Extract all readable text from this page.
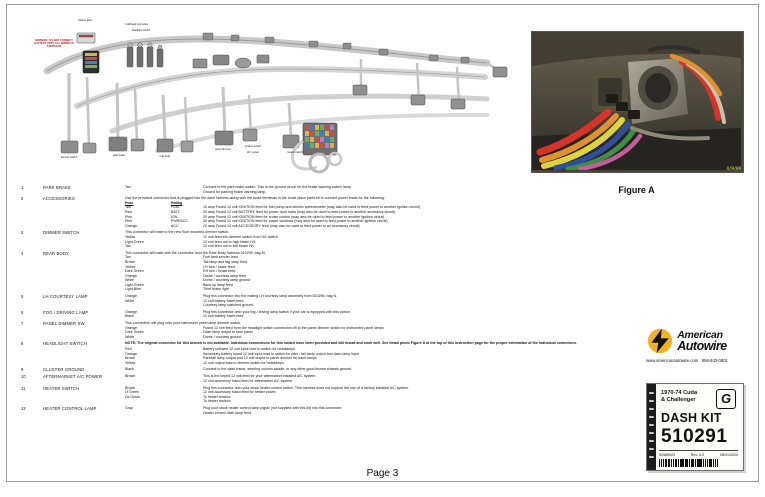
WARNING: DO NOT CONNECT BATTERY UNTIL ALL WIRING IS COMPLETE
bulkhead connector
battery feed
headlight switch
dimmer switch
park brake	rear body
panel dimmer
ignition switch
A/C power	heater switch
4/9/09
Figure A
1	PARK BRAKE	Tan	Connect to the park brake switch. This is the ground circuit for the brake warning switch lamp.
Ground for parking brake warning lamp.
2	ACCESSORIES	Use the provided connector that is plugged into the dash harness along with the loose terminals in the loose piece parts kit to connect power leads for the following:
Fuse	Rating
Tan	FUEL	10 amp Fused 12 volt IGNITION feed for fuel pump and electric speedometer (may also be used to feed power to another ignition circuit)
Red	BATT	20 amp Fused 12 volt BATTERY feed for power door locks (may also be used to feed power to another accessory circuit)
Pink	IGN	20 amp Fused 12 volt IGNITION feed for cruise control (may also be used to feed power to another ignition circuit)
Pink	PWR/ACC	30 amp Fused 12 volt IGNITION feed for power windows (may also be used to feed power to another ignition circuit)
Orange	ACC	20 amp Fused 12 volt ACCESSORY feed (may also be used to feed power to an accessory circuit)
3	DIMMER SWITCH	This connector will mate to the new floor mounted dimmer switch.
Yellow	12 volt feed into dimmer switch from H/L switch
Light Green	12 volt feed out to high beam H/L
Tan	12 volt feed out to low beam H/L
4	REAR BODY	This connector will mate with the connector from the Rear Body harness 510295, bag M.
Tan	Fuel tank sender lead
Brown	Tail lamp and tag lamp feed
Yellow	LH turn / brake feed
Dark Green	RH turn / brake feed
Orange	Dome / courtesy lamp feed
White	Dome / courtesy lamp ground
Light Green	Back up lamp feed
Light Blue	Third brake light
5	LH COURTESY LAMP	Orange	Plug this connector into the mating LH courtesy lamp assembly from 510296, bag N.
White	12 volt battery fused feed
Courtesy lamp switched ground
6	FOG / DRIVING LAMP	Orange	Plug this connector onto your fog / driving lamp switch if your car is equipped with this option.
Black	12 volt battery fused feed
7	PANEL DIMMER SW.	This connection will plug onto your instrument panel lamp dimmer switch.
Orange	Fused 12 volt feed from the headlight switch connection #9 to the panel dimmer switch for instrument panel lamps
Dark Green	Dash lamp output to fuse panel
White	Dome / courtesy ground
8	HEADLIGHT SWITCH	NOTE: The original connector for this branch is not available. Individual connections for this switch have been provided and will install and work well. See detail photo Figure A at the top of this instruction page for the proper orientation of the individual connectors.
Red	Battery unfused 12 volt input lead to switch for headlamps
Orange	Secondary battery fused 12 volt input lead to switch for park / tail lamp output and dash lamp input
Brown	Park/tail lamp output and 12 volt output to panel dimmer for dash lamps
Yellow	12 volt output lead to dimmer switch for headlamps
9	CLUSTER GROUND	Black	Connect to the dash frame, steering column saddle, or any other good known chassis ground.
10	AFTERMARKET A/C POWER	Brown	This is the keyed 12 volt feed for your aftermarket installed A/C system.
12 volt accessory fused feed for aftermarket A/C system
11	HEATER SWITCH	Brown	Plug this connector onto your stock heater control switch. This harness does not support the use of a factory installed A/C system.
Lt Green	12 volt accessory fused feed for heater power.
Dk Green	To heater resistor
To heater resistor
12	HEATER CONTROL LAMP	Gray	Plug your stock heater control lamp pigtail (not supplied with this kit) into this connector.
Heater control dash lamp feed
American
Autowire
www.americanautowire.com 856-933-0801
1970-74 Cuda
& Challenger	G
DASH KIT
510291
92989923	Rev: 6.0	08/31/2020
Page 3
